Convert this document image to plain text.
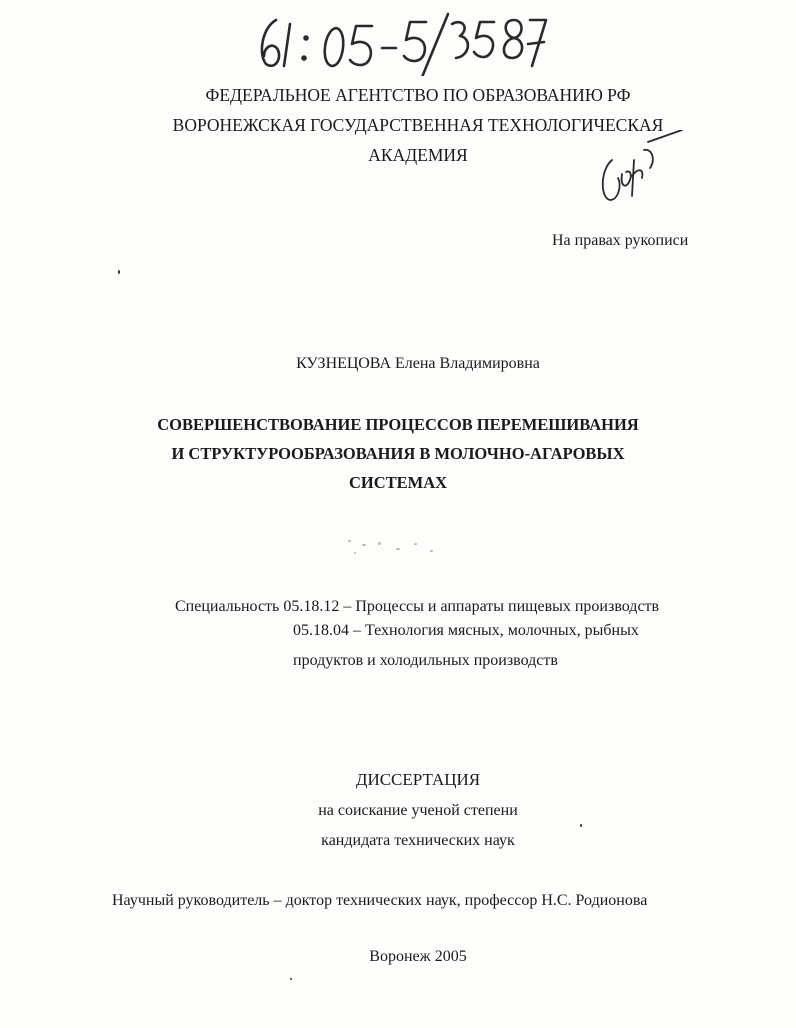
ФЕДЕРАЛЬНОЕ АГЕНТСТВО ПО ОБРАЗОВАНИЮ РФ
ВОРОНЕЖСКАЯ ГОСУДАРСТВЕННАЯ ТЕХНОЛОГИЧЕСКАЯ
АКАДЕМИЯ
На правах рукописи
КУЗНЕЦОВА Елена Владимировна
СОВЕРШЕНСТВОВАНИЕ ПРОЦЕССОВ ПЕРЕМЕШИВАНИЯ
И СТРУКТУРООБРАЗОВАНИЯ В МОЛОЧНО-АГАРОВЫХ
СИСТЕМАХ
Специальность 05.18.12 – Процессы и аппараты пищевых производств
05.18.04 – Технология мясных, молочных, рыбных
продуктов и холодильных производств
ДИССЕРТАЦИЯ
на соискание ученой степени
кандидата технических наук
Научный руководитель – доктор технических наук, профессор Н.С. Родионова
Воронеж 2005
